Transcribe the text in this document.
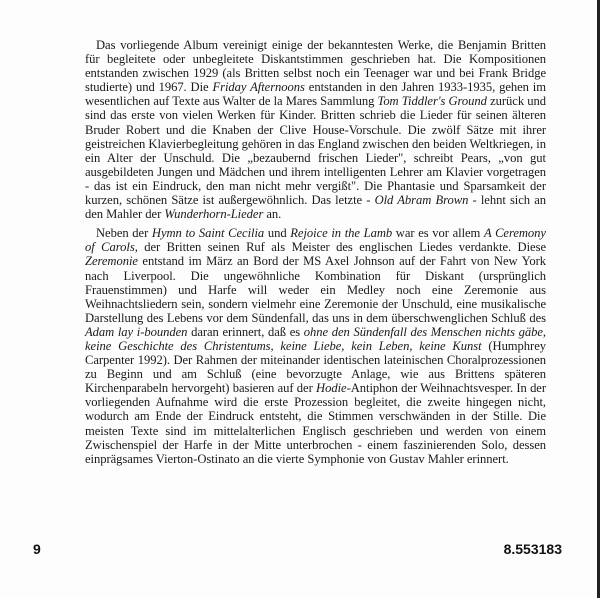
Das vorliegende Album vereinigt einige der bekanntesten Werke, die Benjamin Britten für begleitete oder unbegleitete Diskantstimmen geschrieben hat. Die Kompositionen entstanden zwischen 1929 (als Britten selbst noch ein Teenager war und bei Frank Bridge studierte) und 1967. Die Friday Afternoons entstanden in den Jahren 1933-1935, gehen im wesentlichen auf Texte aus Walter de la Mares Sammlung Tom Tiddler's Ground zurück und sind das erste von vielen Werken für Kinder. Britten schrieb die Lieder für seinen älteren Bruder Robert und die Knaben der Clive House-Vorschule. Die zwölf Sätze mit ihrer geistreichen Klavierbegleitung gehören in das England zwischen den beiden Weltkriegen, in ein Alter der Unschuld. Die „bezaubernd frischen Lieder", schreibt Pears, „von gut ausgebildeten Jungen und Mädchen und ihrem intelligenten Lehrer am Klavier vorgetragen - das ist ein Eindruck, den man nicht mehr vergißt". Die Phantasie und Sparsamkeit der kurzen, schönen Sätze ist außergewöhnlich. Das letzte - Old Abram Brown - lehnt sich an den Mahler der Wunderhorn-Lieder an.

Neben der Hymn to Saint Cecilia und Rejoice in the Lamb war es vor allem A Ceremony of Carols, der Britten seinen Ruf als Meister des englischen Liedes verdankte. Diese Zeremonie entstand im März an Bord der MS Axel Johnson auf der Fahrt von New York nach Liverpool. Die ungewöhnliche Kombination für Diskant (ursprünglich Frauenstimmen) und Harfe will weder ein Medley noch eine Zeremonie aus Weihnachtsliedern sein, sondern vielmehr eine Zeremonie der Unschuld, eine musikalische Darstellung des Lebens vor dem Sündenfall, das uns in dem überschwenglichen Schluß des Adam lay i-bounden daran erinnert, daß es ohne den Sündenfall des Menschen nichts gäbe, keine Geschichte des Christentums, keine Liebe, kein Leben, keine Kunst (Humphrey Carpenter 1992). Der Rahmen der miteinander identischen lateinischen Choralprozessionen zu Beginn und am Schluß (eine bevorzugte Anlage, wie aus Brittens späteren Kirchenparabeln hervorgeht) basieren auf der Hodie-Antiphon der Weihnachtsvesper. In der vorliegenden Aufnahme wird die erste Prozession begleitet, die zweite hingegen nicht, wodurch am Ende der Eindruck entsteht, die Stimmen verschwänden in der Stille. Die meisten Texte sind im mittelalterlichen Englisch geschrieben und werden von einem Zwischenspiel der Harfe in der Mitte unterbrochen - einem faszinierenden Solo, dessen einprägsames Vierton-Ostinato an die vierte Symphonie von Gustav Mahler erinnert.

9	8.553183
